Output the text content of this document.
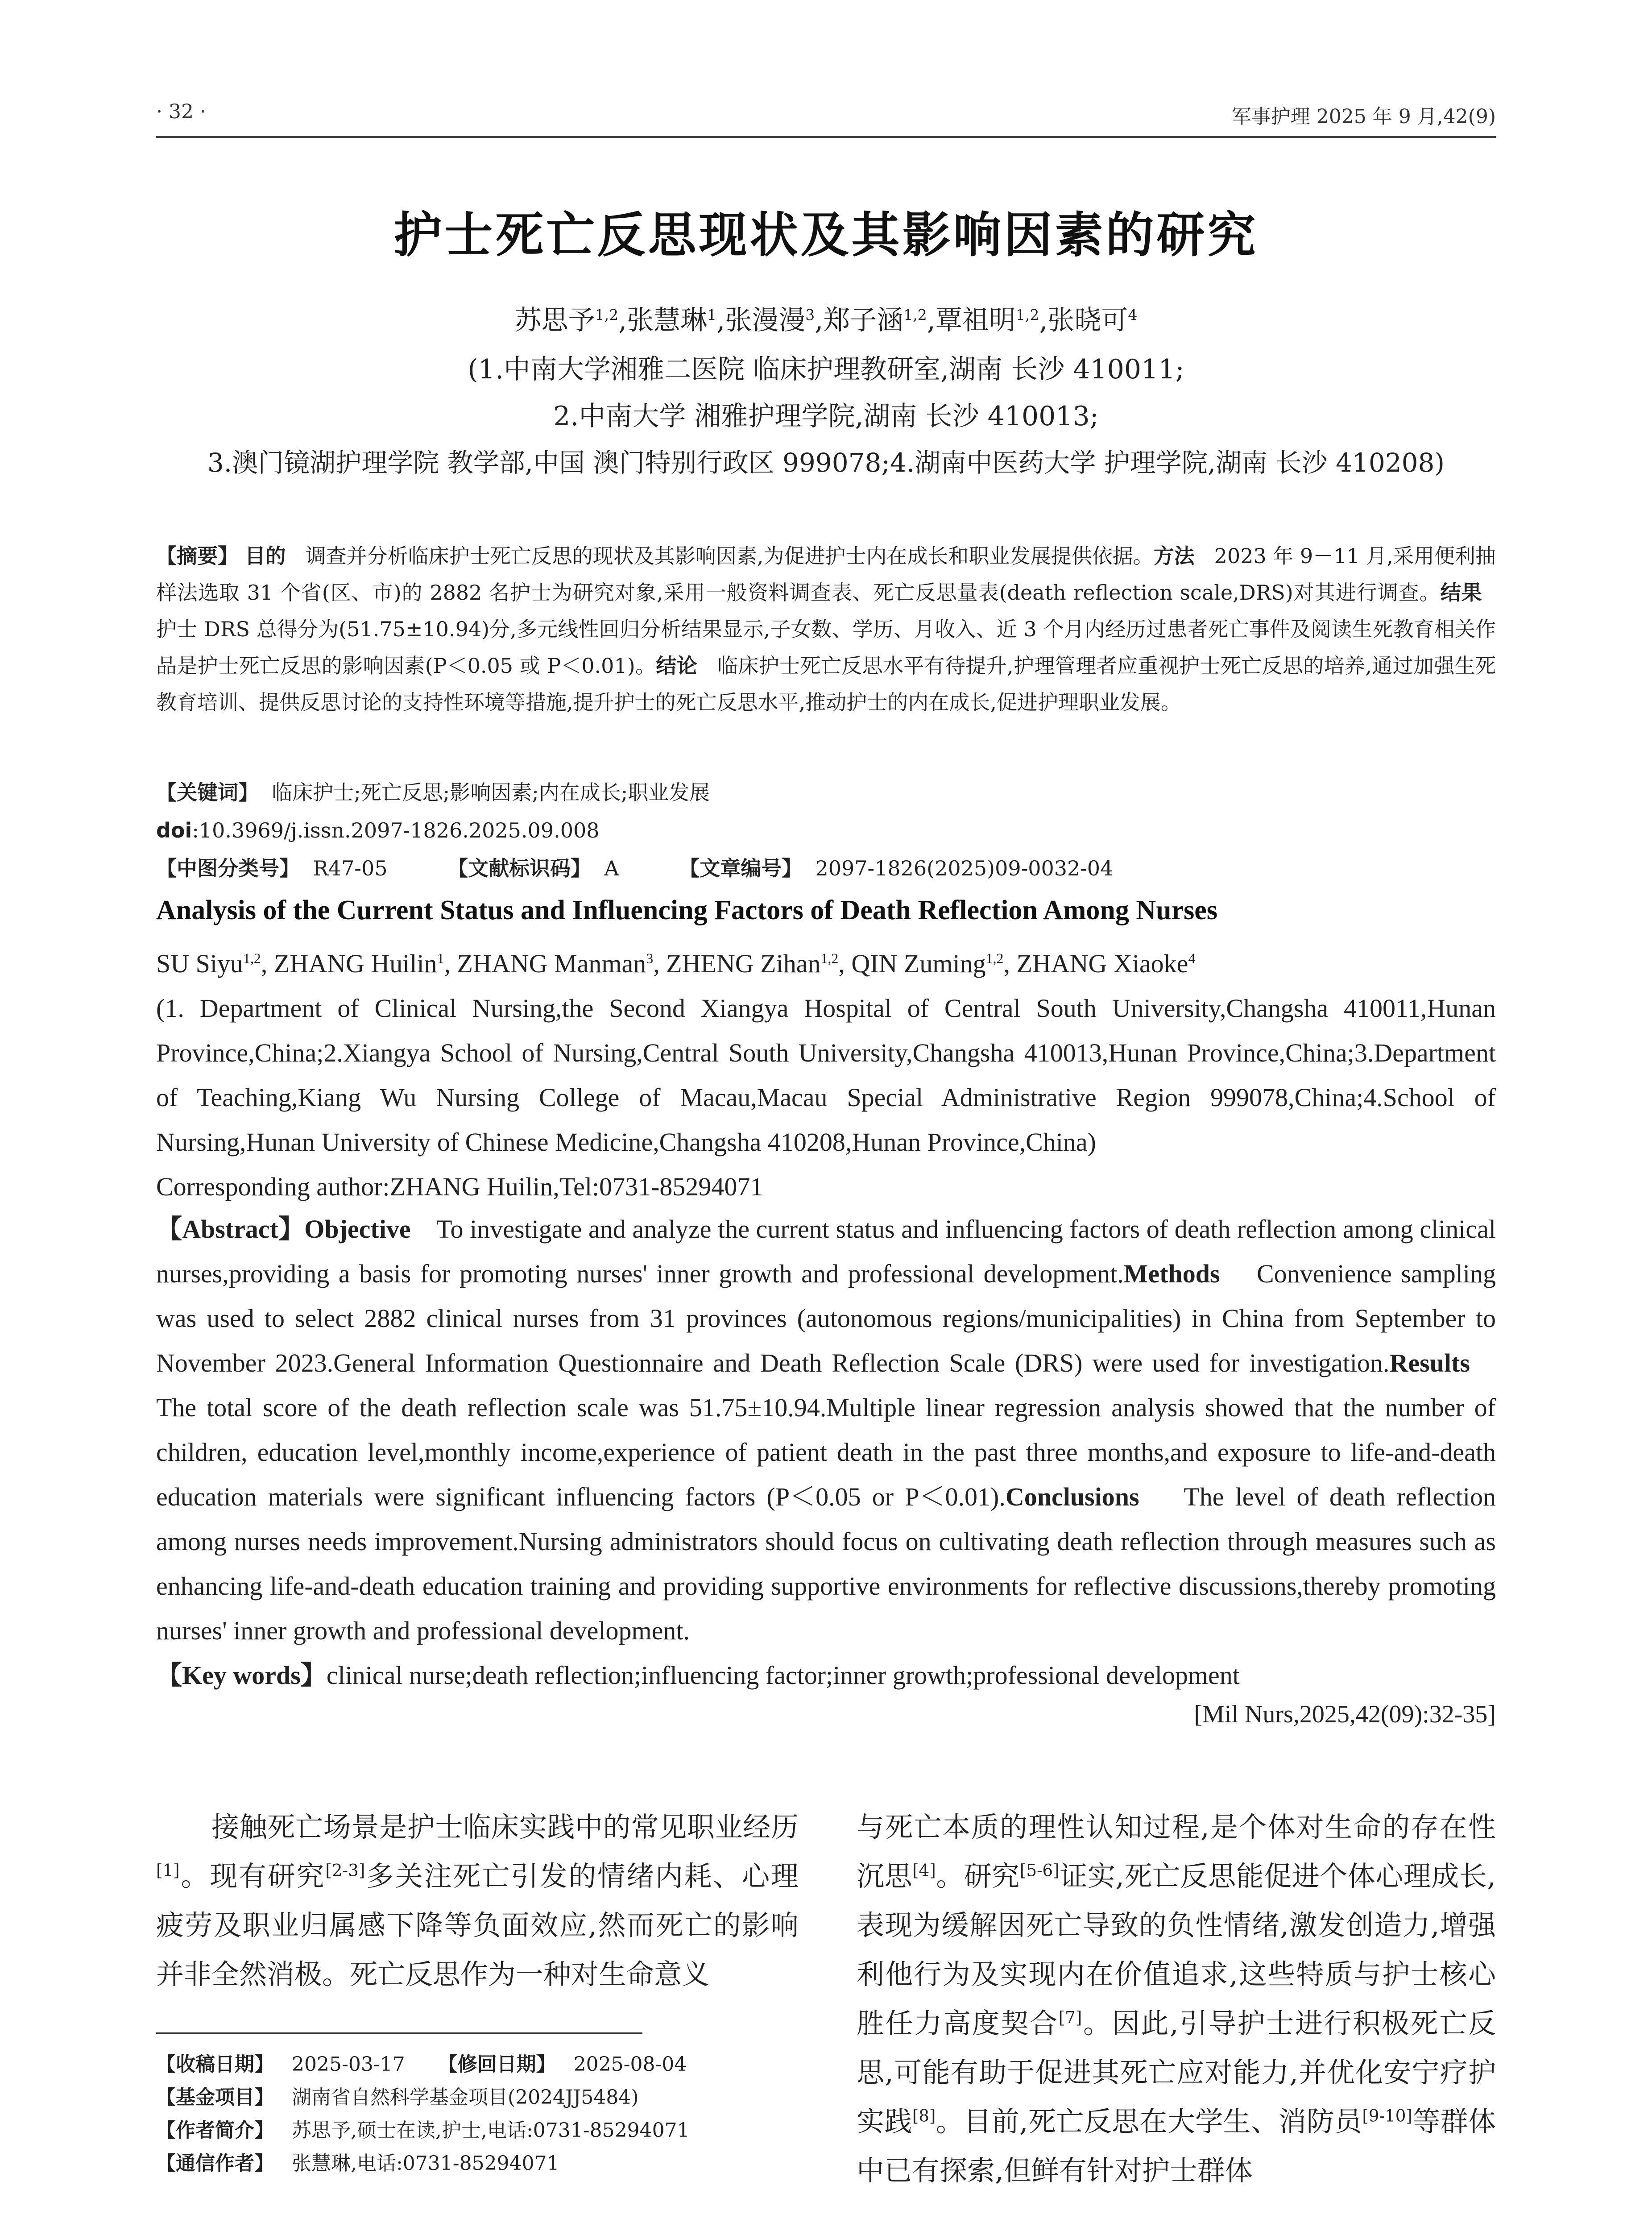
· 32 ·	军事护理 2025 年 9 月,42(9)
护士死亡反思现状及其影响因素的研究
苏思予$^{1,2}$,张慧琳$^1$,张漫漫$^3$,郑子涵$^{1,2}$,覃祖明$^{1,2}$,张晓可$^4$
(1.中南大学湘雅二医院 临床护理教研室,湖南 长沙 410011;
2.中南大学 湘雅护理学院,湖南 长沙 410013;
3.澳门镜湖护理学院 教学部,中国 澳门特别行政区 999078;4.湖南中医药大学 护理学院,湖南 长沙 410208)
【摘要】 目的 调查并分析临床护士死亡反思的现状及其影响因素,为促进护士内在成长和职业发展提供依据。方法 2023 年 9－11 月,采用便利抽样法选取 31 个省(区、市)的 2882 名护士为研究对象,采用一般资料调查表、死亡反思量表(death reflection scale,DRS)对其进行调查。结果   护士 DRS 总得分为(51.75±10.94)分,多元线性回归分析结果显示,子女数、学历、月收入、近 3 个月内经历过患者死亡事件及阅读生死教育相关作品是护士死亡反思的影响因素(P＜0.05 或 P＜0.01)。结论 临床护士死亡反思水平有待提升,护理管理者应重视护士死亡反思的培养,通过加强生死教育培训、提供反思讨论的支持性环境等措施,提升护士的死亡反思水平,推动护士的内在成长,促进护理职业发展。
【关键词】 临床护士;死亡反思;影响因素;内在成长;职业发展
doi:10.3969/j.issn.2097-1826.2025.09.008
【中图分类号】 R47-05	【文献标识码】 A	【文章编号】 2097-1826(2025)09-0032-04
Analysis of the Current Status and Influencing Factors of Death Reflection Among Nurses
SU Siyu$^{1,2}$, ZHANG Huilin$^1$, ZHANG Manman$^3$, ZHENG Zihan$^{1,2}$, QIN Zuming$^{1,2}$, ZHANG Xiaoke$^4$
(1. Department of Clinical Nursing,the Second Xiangya Hospital of Central South University,Changsha 410011,Hunan Province,China;2.Xiangya School of Nursing,Central South University,Changsha 410013,Hunan Province,China;3.Department of Teaching,Kiang Wu Nursing College of Macau,Macau Special Administrative Region 999078,China;4.School of Nursing,Hunan University of Chinese Medicine,Changsha 410208,Hunan Province,China)
Corresponding author:ZHANG Huilin,Tel:0731-85294071
【Abstract】Objective To investigate and analyze the current status and influencing factors of death reflection among clinical nurses,providing a basis for promoting nurses' inner growth and professional development.Methods Convenience sampling was used to select 2882 clinical nurses from 31 provinces (autonomous regions/municipalities) in China from September to November 2023.General Information Questionnaire and Death Reflection Scale (DRS) were used for investigation.Results    The total score of the death reflection scale was 51.75±10.94.Multiple linear regression analysis showed that the number of children, education level,monthly income,experience of patient death in the past three months,and exposure to life-and-death education materials were significant influencing factors (P＜0.05 or P＜0.01).Conclusions The level of death reflection among nurses needs improvement.Nursing administrators should focus on cultivating death reflection through measures such as enhancing life-and-death education training and providing supportive environments for reflective discussions,thereby promoting nurses' inner growth and professional development.
【Key words】clinical nurse;death reflection;influencing factor;inner growth;professional development
[Mil Nurs,2025,42(09):32-35]
接触死亡场景是护士临床实践中的常见职业经历[1]。现有研究[2-3]多关注死亡引发的情绪内耗、心理疲劳及职业归属感下降等负面效应,然而死亡的影响并非全然消极。死亡反思作为一种对生命意义
与死亡本质的理性认知过程,是个体对生命的存在性沉思[4]。研究[5-6]证实,死亡反思能促进个体心理成长,表现为缓解因死亡导致的负性情绪,激发创造力,增强利他行为及实现内在价值追求,这些特质与护士核心胜任力高度契合[7]。因此,引导护士进行积极死亡反思,可能有助于促进其死亡应对能力,并优化安宁疗护实践[8]。目前,死亡反思在大学生、消防员[9-10]等群体中已有探索,但鲜有针对护士群体
【收稿日期】 2025-03-17 【修回日期】 2025-08-04
【基金项目】 湖南省自然科学基金项目(2024JJ5484)
【作者简介】 苏思予,硕士在读,护士,电话:0731-85294071
【通信作者】 张慧琳,电话:0731-85294071
